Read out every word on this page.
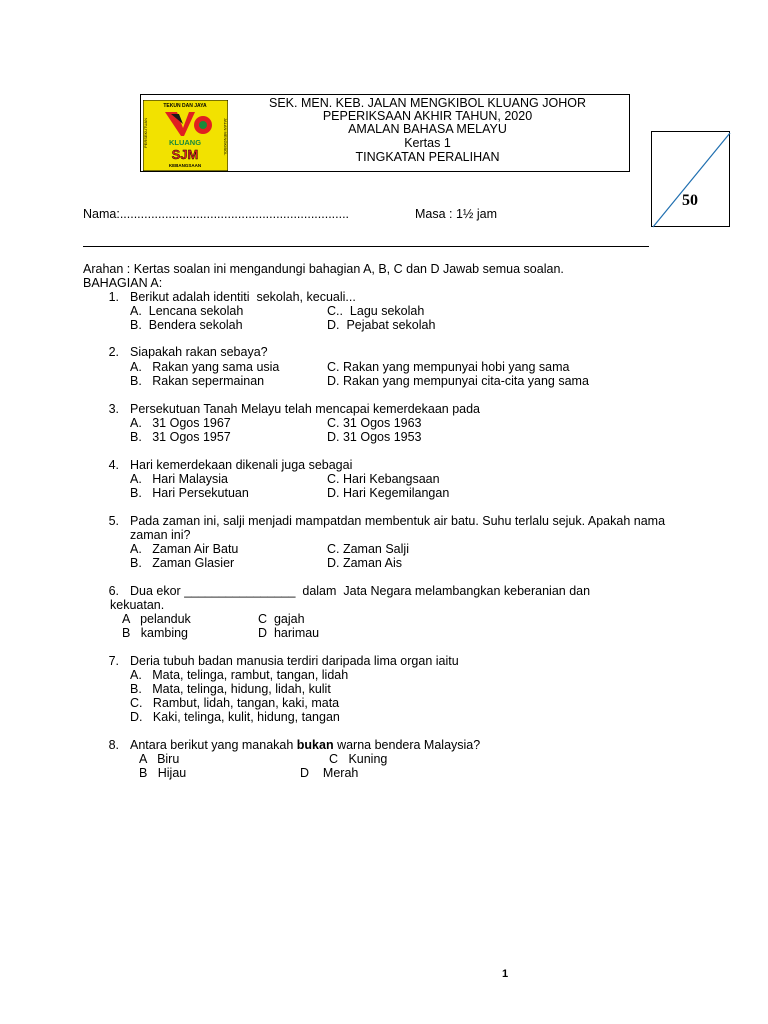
TEKUN DAN JAYA
PERSEKUTUAN	JALAN MENGKIBOL
KLUANG
SJM
KEBANGSAAN
SEK. MEN. KEB. JALAN MENGKIBOL KLUANG JOHOR
PEPERIKSAAN AKHIR TAHUN, 2020
AMALAN BAHASA MELAYU
Kertas 1
TINGKATAN PERALIHAN
50
Nama:..................................................................	Masa : 1½ jam
Arahan : Kertas soalan ini mengandungi bahagian A, B, C dan D Jawab semua soalan.
BAHAGIAN A:
1. Berikut adalah identiti  sekolah, kecuali...
A.  Lencana sekolah	C..  Lagu sekolah
B.  Bendera sekolah	D.  Pejabat sekolah
2. Siapakah rakan sebaya?
A.   Rakan yang sama usia	C. Rakan yang mempunyai hobi yang sama
B.   Rakan sepermainan	D. Rakan yang mempunyai cita-cita yang sama
3. Persekutuan Tanah Melayu telah mencapai kemerdekaan pada
A.   31 Ogos 1967	C. 31 Ogos 1963
B.   31 Ogos 1957	D. 31 Ogos 1953
4. Hari kemerdekaan dikenali juga sebagai
A.   Hari Malaysia	C. Hari Kebangsaan
B.   Hari Persekutuan	D. Hari Kegemilangan
5. Pada zaman ini, salji menjadi mampatdan membentuk air batu. Suhu terlalu sejuk. Apakah nama
zaman ini?
A.   Zaman Air Batu	C. Zaman Salji
B.   Zaman Glasier	D. Zaman Ais
6. Dua ekor ________________  dalam  Jata Negara melambangkan keberanian dan
kekuatan.
A   pelanduk	C  gajah
B   kambing	D  harimau
7. Deria tubuh badan manusia terdiri daripada lima organ iaitu
A.   Mata, telinga, rambut, tangan, lidah
B.   Mata, telinga, hidung, lidah, kulit
C.   Rambut, lidah, tangan, kaki, mata
D.   Kaki, telinga, kulit, hidung, tangan
8. Antara berikut yang manakah bukan warna bendera Malaysia?
A   Biru	C   Kuning
B   Hijau	D    Merah
1
